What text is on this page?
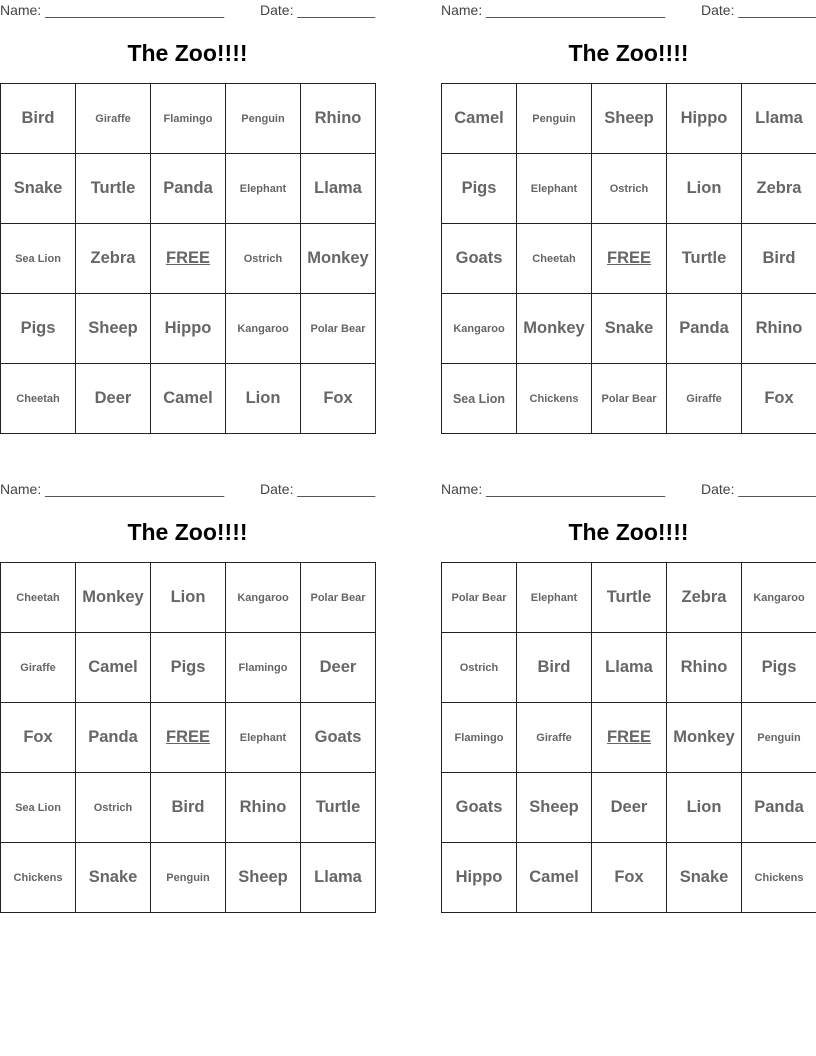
Name: _______________________	Date: __________
The Zoo!!!!
Bird	Giraffe	Flamingo	Penguin	Rhino
Snake	Turtle	Panda	Elephant	Llama
Sea Lion	Zebra	FREE	Ostrich	Monkey
Pigs	Sheep	Hippo	Kangaroo	Polar Bear
Cheetah	Deer	Camel	Lion	Fox
Name: _______________________	Date: __________
The Zoo!!!!
Camel	Penguin	Sheep	Hippo	Llama
Pigs	Elephant	Ostrich	Lion	Zebra
Goats	Cheetah	FREE	Turtle	Bird
Kangaroo	Monkey	Snake	Panda	Rhino
Sea Lion	Chickens	Polar Bear	Giraffe	Fox
Name: _______________________	Date: __________
The Zoo!!!!
Cheetah	Monkey	Lion	Kangaroo	Polar Bear
Giraffe	Camel	Pigs	Flamingo	Deer
Fox	Panda	FREE	Elephant	Goats
Sea Lion	Ostrich	Bird	Rhino	Turtle
Chickens	Snake	Penguin	Sheep	Llama
Name: _______________________	Date: __________
The Zoo!!!!
Polar Bear	Elephant	Turtle	Zebra	Kangaroo
Ostrich	Bird	Llama	Rhino	Pigs
Flamingo	Giraffe	FREE	Monkey	Penguin
Goats	Sheep	Deer	Lion	Panda
Hippo	Camel	Fox	Snake	Chickens
